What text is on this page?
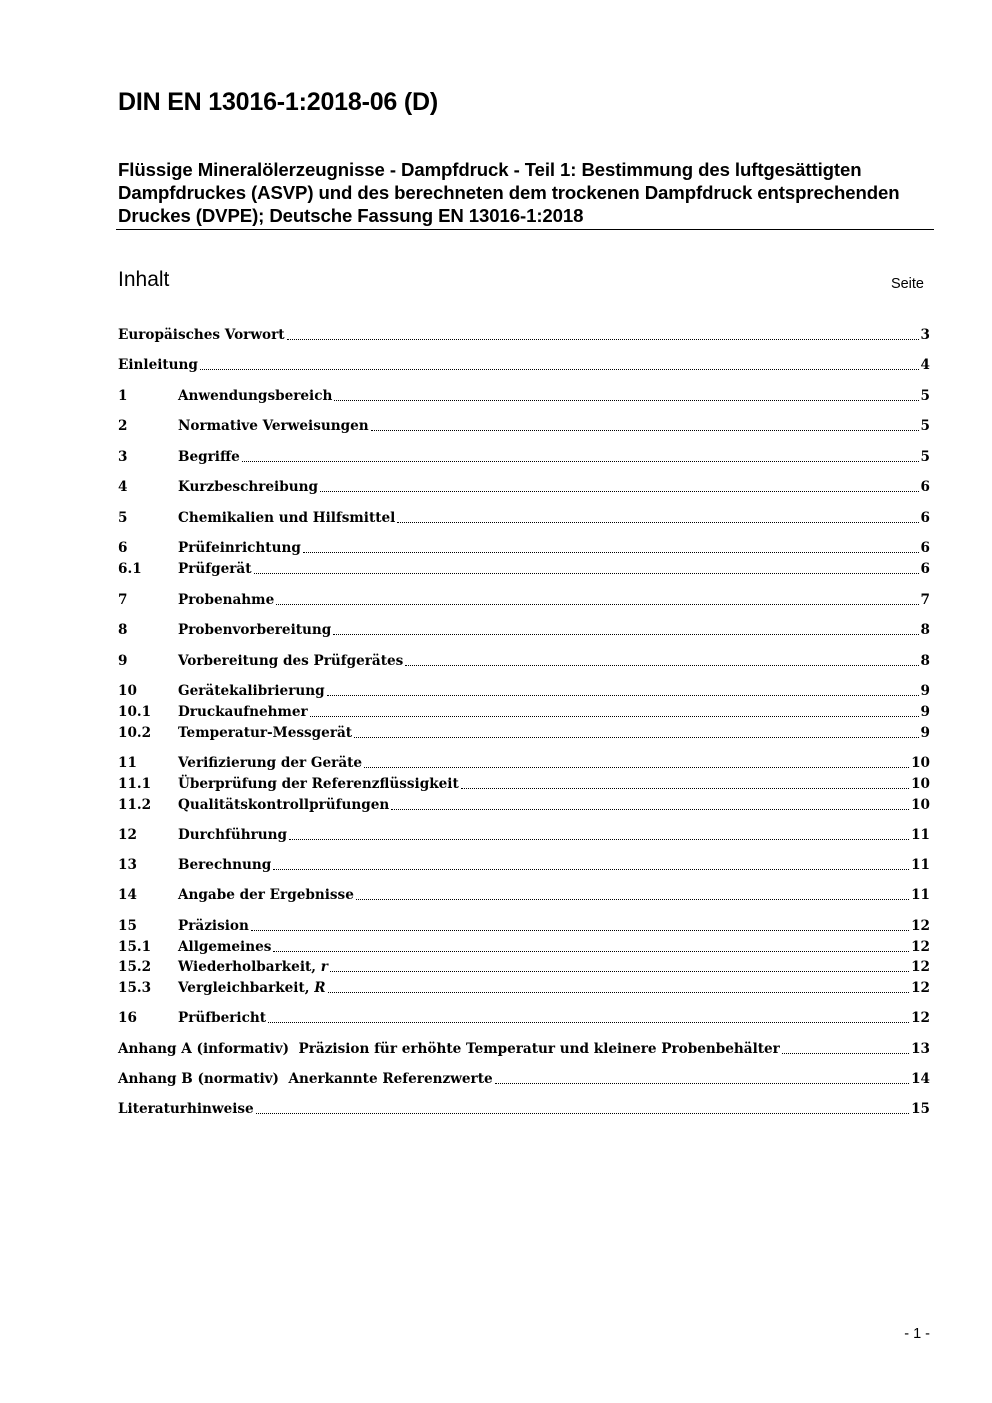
DIN EN 13016-1:2018-06 (D)
Flüssige Mineralölerzeugnisse - Dampfdruck - Teil 1: Bestimmung des luftgesättigten Dampfdruckes (ASVP) und des berechneten dem trockenen Dampfdruck entsprechenden Druckes (DVPE); Deutsche Fassung EN 13016-1:2018
Inhalt	Seite
Europäisches Vorwort	3
Einleitung	4
1	Anwendungsbereich	5
2	Normative Verweisungen	5
3	Begriffe	5
4	Kurzbeschreibung	6
5	Chemikalien und Hilfsmittel	6
6	Prüfeinrichtung	6
6.1	Prüfgerät	6
7	Probenahme	7
8	Probenvorbereitung	8
9	Vorbereitung des Prüfgerätes	8
10	Gerätekalibrierung	9
10.1	Druckaufnehmer	9
10.2	Temperatur-Messgerät	9
11	Verifizierung der Geräte	10
11.1	Überprüfung der Referenzflüssigkeit	10
11.2	Qualitätskontrollprüfungen	10
12	Durchführung	11
13	Berechnung	11
14	Angabe der Ergebnisse	11
15	Präzision	12
15.1	Allgemeines	12
15.2	Wiederholbarkeit, r	12
15.3	Vergleichbarkeit, R	12
16	Prüfbericht	12
Anhang A (informativ)  Präzision für erhöhte Temperatur und kleinere Probenbehälter	13
Anhang B (normativ)  Anerkannte Referenzwerte	14
Literaturhinweise	15
- 1 -
